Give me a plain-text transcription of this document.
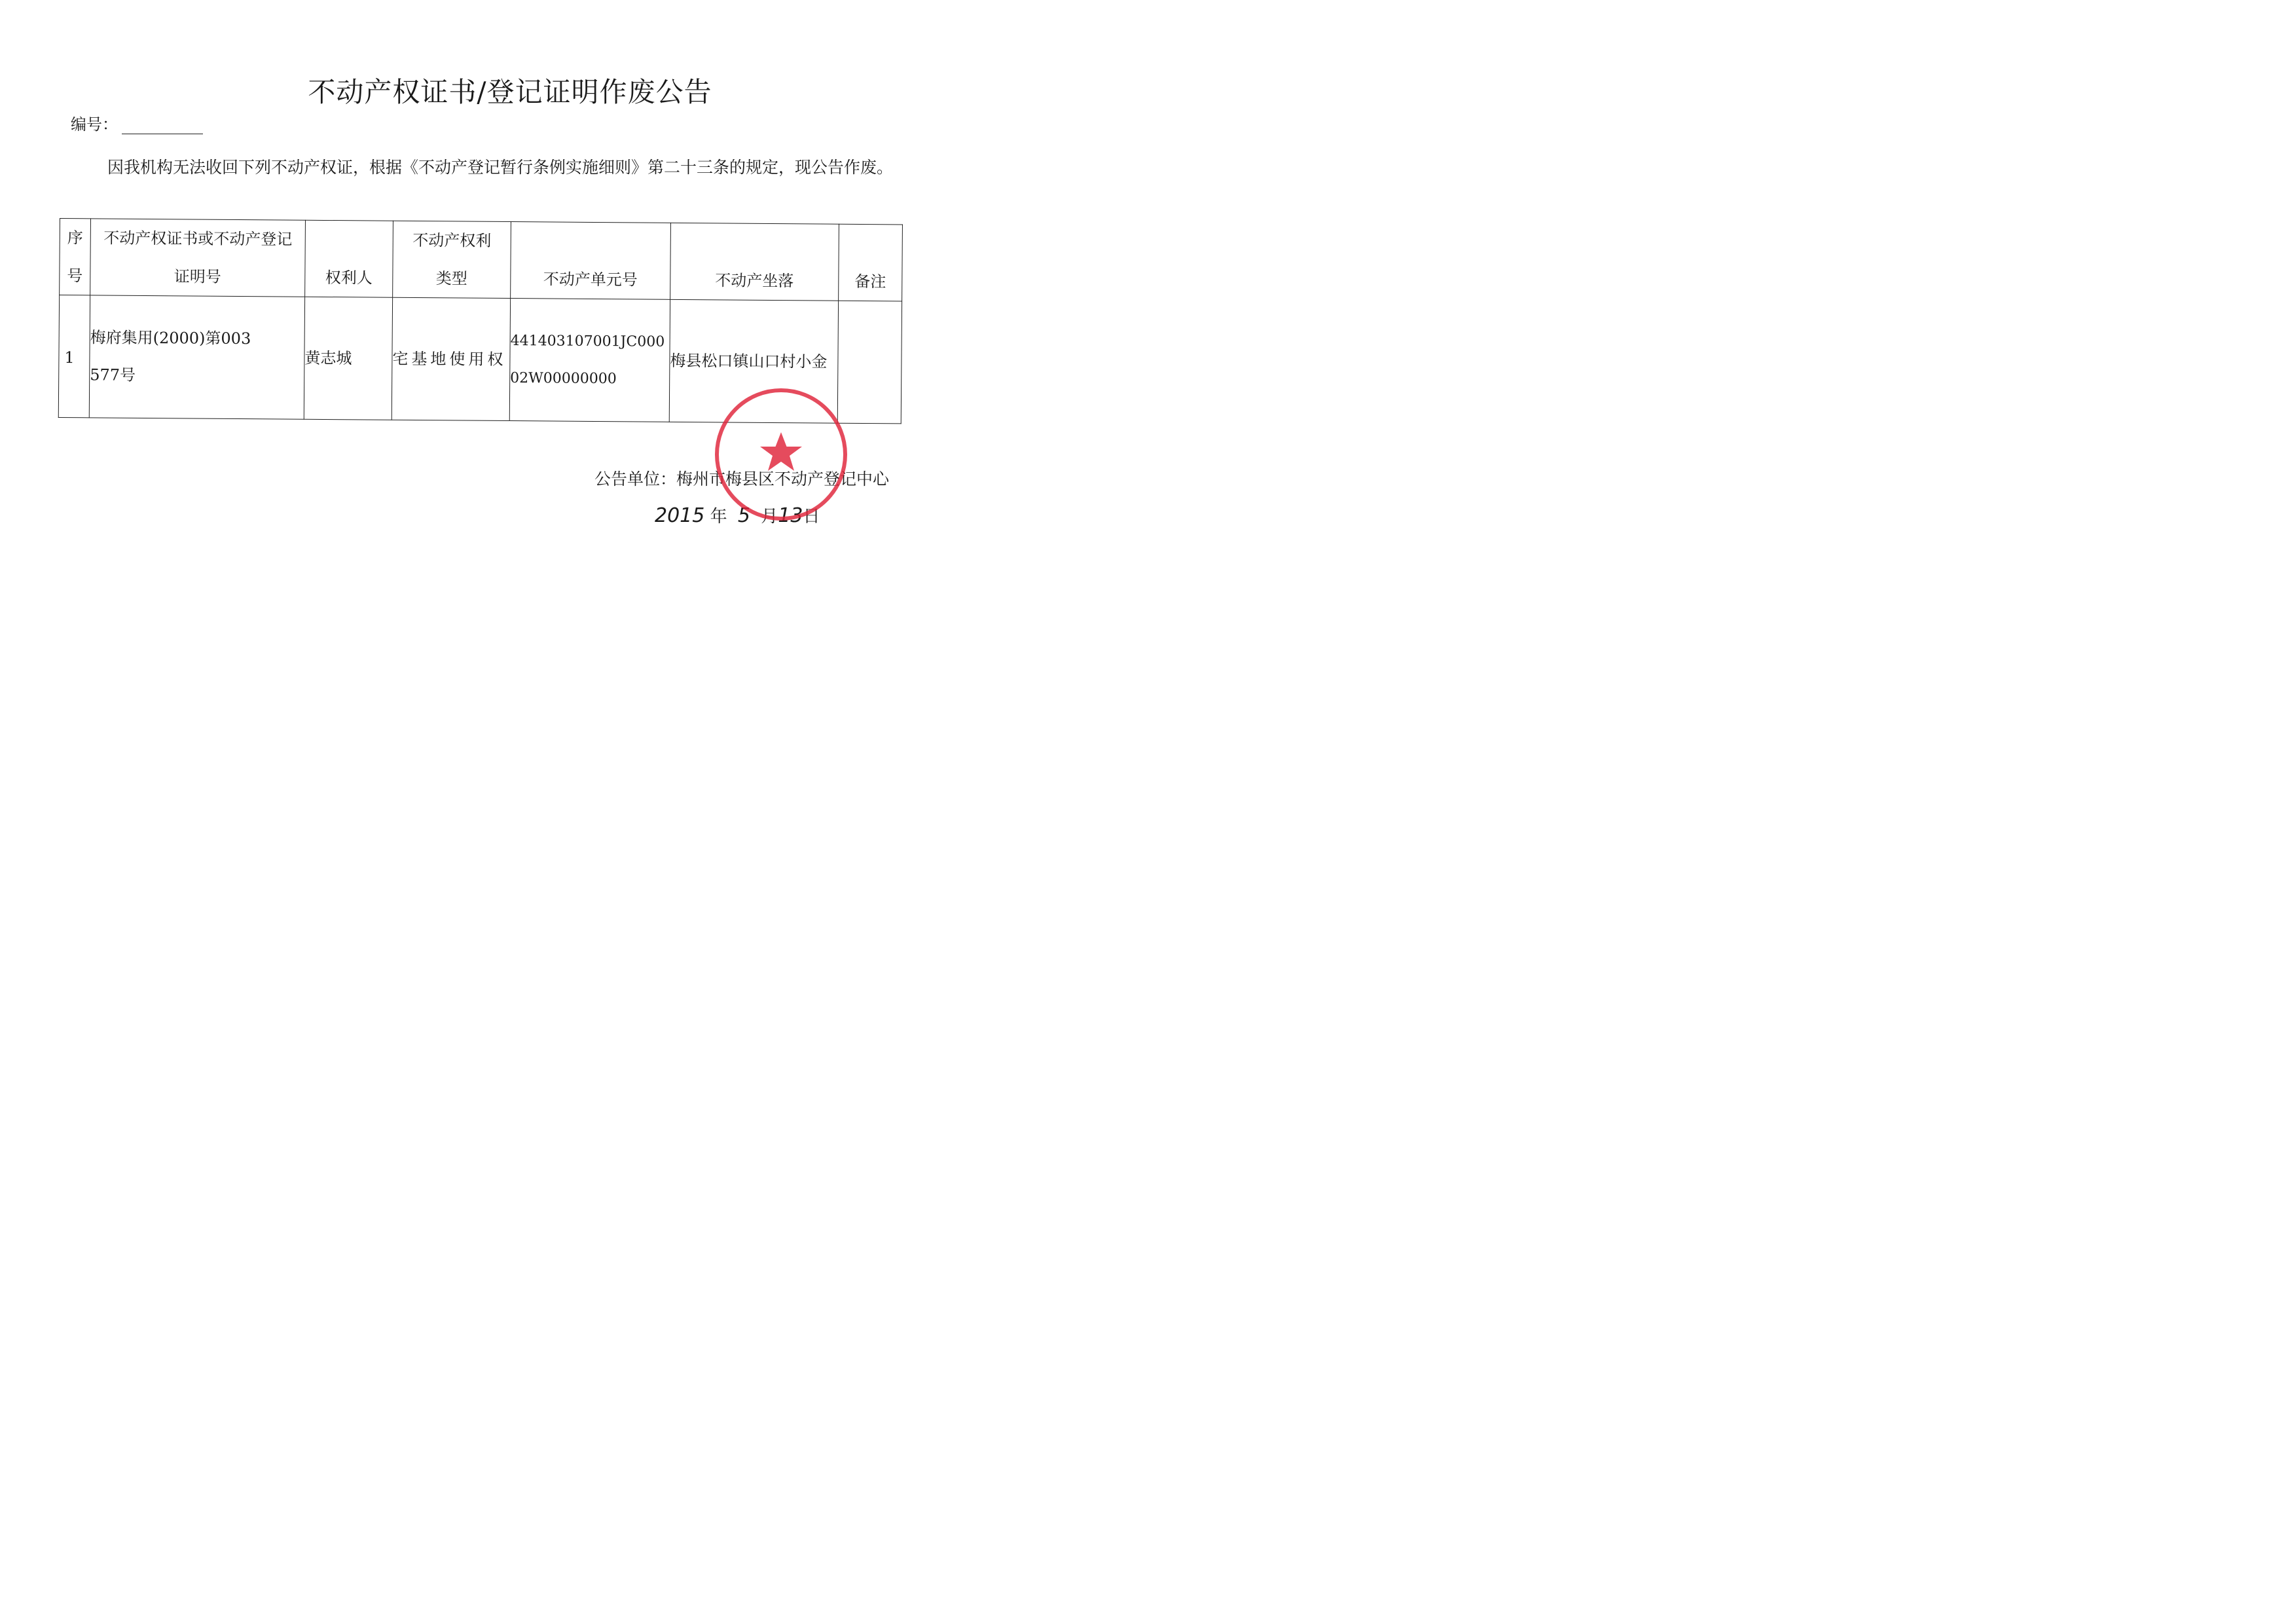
不动产权证书/登记证明作废公告
编号：
因我机构无法收回下列不动产权证，根据《不动产登记暂行条例实施细则》第二十三条的规定，现公告作废。
序号	不动产权证书或不动产登记证明号	权利人	不动产权利类型	不动产单元号	不动产坐落	备注
1	梅府集用(2000)第003577号	黄志城	宅基地使用权	441403107001JC00002W00000000	梅县松口镇山口村小金	
公告单位：梅州市梅县区不动产登记中心
2015 年 5 月13日
